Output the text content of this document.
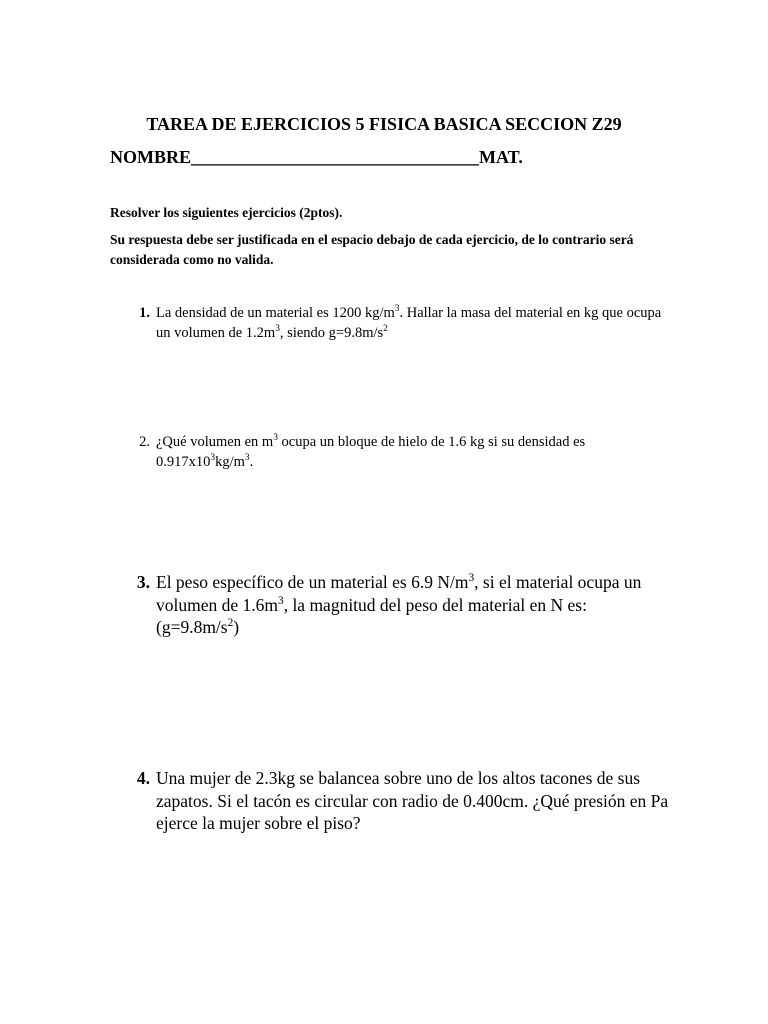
TAREA DE EJERCICIOS 5 FISICA BASICA SECCION Z29
NOMBRE________________________________MAT.
Resolver los siguientes ejercicios (2ptos).
Su respuesta debe ser justificada en el espacio debajo de cada ejercicio, de lo contrario será considerada como no valida.
1. La densidad de un material es 1200 $kg/m^3$. Hallar la masa del material en kg que ocupa un volumen de $1.2m^3$, siendo $g=9.8m/s^2$
2. ¿Qué volumen en $m^3$ ocupa un bloque de hielo de 1.6 kg si su densidad es $0.917x10^3kg/m^3$.
3. El peso específico de un material es 6.9 $N/m^3$, si el material ocupa un volumen de $1.6m^3$, la magnitud del peso del material en N es: $(g=9.8m/s^2)$
4. Una mujer de 2.3kg se balancea sobre uno de los altos tacones de sus zapatos. Si el tacón es circular con radio de 0.400cm. ¿Qué presión en Pa ejerce la mujer sobre el piso?
